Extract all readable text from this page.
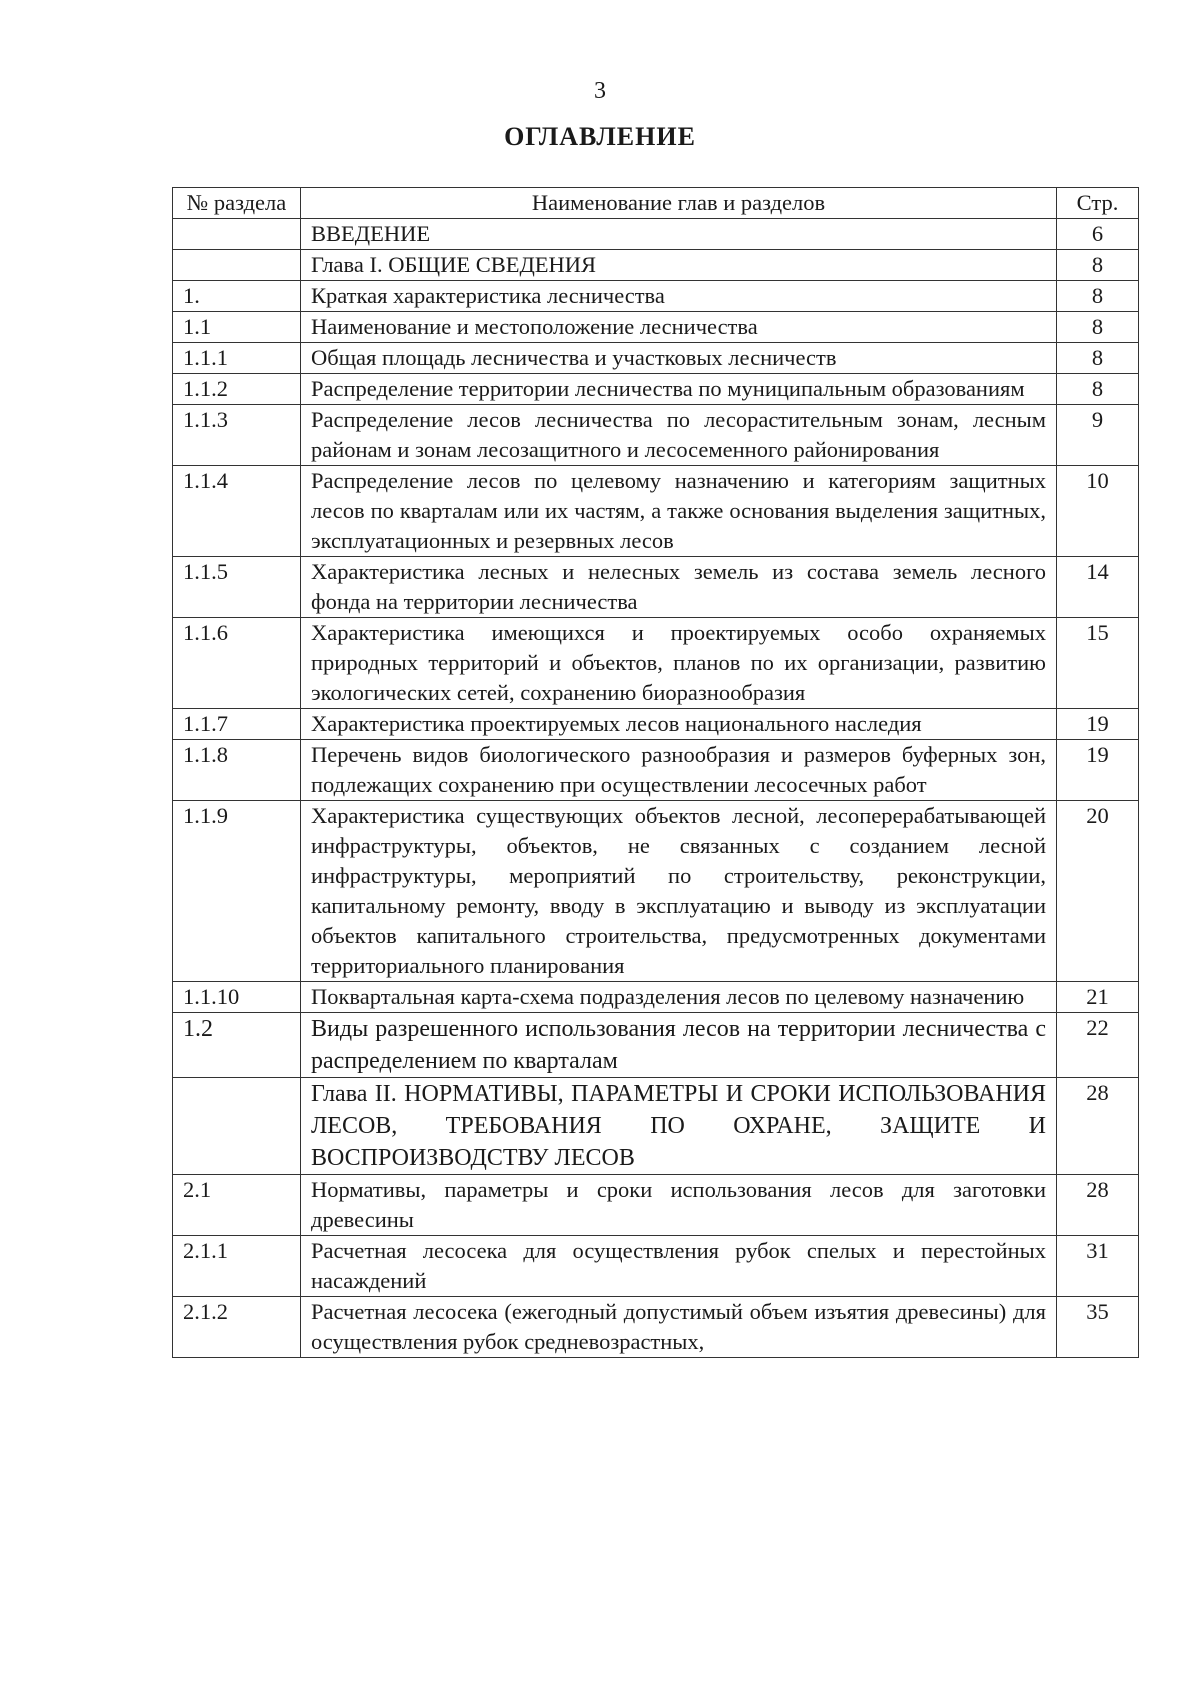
3
ОГЛАВЛЕНИЕ
№ раздела	Наименование глав и разделов	Стр.
	ВВЕДЕНИЕ	6
	Глава I. ОБЩИЕ СВЕДЕНИЯ	8
1.	Краткая характеристика лесничества	8
1.1	Наименование и местоположение лесничества	8
1.1.1	Общая площадь лесничества и участковых лесничеств	8
1.1.2	Распределение территории лесничества по муниципальным образованиям	8
1.1.3	Распределение лесов лесничества по лесорастительным зонам, лесным районам и зонам лесозащитного и лесосеменного районирования	9
1.1.4	Распределение лесов по целевому назначению и категориям защитных лесов по кварталам или их частям, а также основания выделения защитных, эксплуатационных и резервных лесов	10
1.1.5	Характеристика лесных и нелесных земель из состава земель лесного фонда на территории лесничества	14
1.1.6	Характеристика имеющихся и проектируемых особо охраняемых природных территорий и объектов, планов по их организации, развитию экологических сетей, сохранению биоразнообразия	15
1.1.7	Характеристика проектируемых лесов национального наследия	19
1.1.8	Перечень видов биологического разнообразия и размеров буферных зон, подлежащих сохранению при осуществлении лесосечных работ	19
1.1.9	Характеристика существующих объектов лесной, лесоперерабатывающей инфраструктуры, объектов, не связанных с созданием лесной инфраструктуры, мероприятий по строительству, реконструкции, капитальному ремонту, вводу в эксплуатацию и выводу из эксплуатации объектов капитального строительства, предусмотренных документами территориального планирования	20
1.1.10	Поквартальная карта-схема подразделения лесов по целевому назначению	21
1.2	Виды разрешенного использования лесов на территории лесничества с распределением по кварталам	22
	Глава II. НОРМАТИВЫ, ПАРАМЕТРЫ И СРОКИ ИСПОЛЬЗОВАНИЯ ЛЕСОВ, ТРЕБОВАНИЯ ПО ОХРАНЕ, ЗАЩИТЕ И ВОСПРОИЗВОДСТВУ ЛЕСОВ	28
2.1	Нормативы, параметры и сроки использования лесов для заготовки древесины	28
2.1.1	Расчетная лесосека для осуществления рубок спелых и перестойных насаждений	31
2.1.2	Расчетная лесосека (ежегодный допустимый объем изъятия древесины) для осуществления рубок средневозрастных,	35
